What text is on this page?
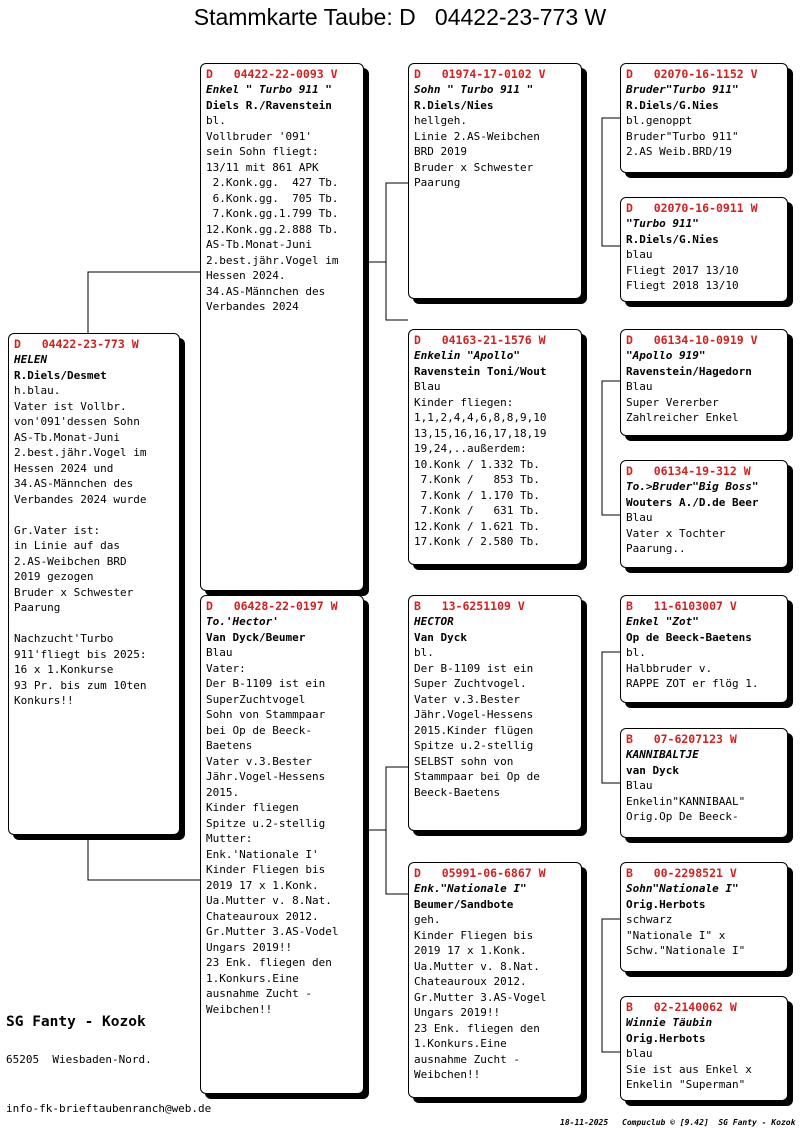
Stammkarte Taube: D   04422-23-773 W
D   04422-23-773 W
HELEN
R.Diels/Desmet
h.blau.
Vater ist Vollbr.
von'091'dessen Sohn
AS-Tb.Monat-Juni
2.best.jähr.Vogel im
Hessen 2024 und
34.AS-Männchen des
Verbandes 2024 wurde
Gr.Vater ist:
in Linie auf das
2.AS-Weibchen BRD
2019 gezogen
Bruder x Schwester
Paarung
Nachzucht'Turbo
911'fliegt bis 2025:
16 x 1.Konkurse
93 Pr. bis zum 10ten
Konkurs!!
D   04422-22-0093 V
Enkel " Turbo 911 "
Diels R./Ravenstein
bl.
Vollbruder '091'
sein Sohn fliegt:
13/11 mit 861 APK
2.Konk.gg.  427 Tb.
6.Konk.gg.  705 Tb.
7.Konk.gg.1.799 Tb.
12.Konk.gg.2.888 Tb.
AS-Tb.Monat-Juni
2.best.jähr.Vogel im
Hessen 2024.
34.AS-Männchen des
Verbandes 2024
D   06428-22-0197 W
To.'Hector'
Van Dyck/Beumer
Blau
Vater:
Der B-1109 ist ein
SuperZuchtvogel
Sohn von Stammpaar
bei Op de Beeck-
Baetens
Vater v.3.Bester
Jähr.Vogel-Hessens
2015.
Kinder fliegen
Spitze u.2-stellig
Mutter:
Enk.'Nationale I'
Kinder Fliegen bis
2019 17 x 1.Konk.
Ua.Mutter v. 8.Nat.
Chateauroux 2012.
Gr.Mutter 3.AS-Vodel
Ungars 2019!!
23 Enk. fliegen den
1.Konkurs.Eine
ausnahme Zucht -
Weibchen!!
D   01974-17-0102 V
Sohn " Turbo 911 "
R.Diels/Nies
hellgeh.
Linie 2.AS-Weibchen
BRD 2019
Bruder x Schwester
Paarung
D   04163-21-1576 W
Enkelin "Apollo"
Ravenstein Toni/Wout
Blau
Kinder fliegen:
1,1,2,4,4,6,8,8,9,10
13,15,16,16,17,18,19
19,24,..außerdem:
10.Konk / 1.332 Tb.
7.Konk /   853 Tb.
7.Konk / 1.170 Tb.
7.Konk /   631 Tb.
12.Konk / 1.621 Tb.
17.Konk / 2.580 Tb.
B   13-6251109 V
HECTOR
Van Dyck
bl.
Der B-1109 ist ein
Super Zuchtvogel.
Vater v.3.Bester
Jähr.Vogel-Hessens
2015.Kinder flügen
Spitze u.2-stellig
SELBST sohn von
Stammpaar bei Op de
Beeck-Baetens
D   05991-06-6867 W
Enk."Nationale I"
Beumer/Sandbote
geh.
Kinder Fliegen bis
2019 17 x 1.Konk.
Ua.Mutter v. 8.Nat.
Chateauroux 2012.
Gr.Mutter 3.AS-Vogel
Ungars 2019!!
23 Enk. fliegen den
1.Konkurs.Eine
ausnahme Zucht -
Weibchen!!
D   02070-16-1152 V
Bruder"Turbo 911"
R.Diels/G.Nies
bl.genoppt
Bruder"Turbo 911"
2.AS Weib.BRD/19
D   02070-16-0911 W
"Turbo 911"
R.Diels/G.Nies
blau
Fliegt 2017 13/10
Fliegt 2018 13/10
D   06134-10-0919 V
"Apollo 919"
Ravenstein/Hagedorn
Blau
Super Vererber
Zahlreicher Enkel
D   06134-19-312 W
To.>Bruder"Big Boss"
Wouters A./D.de Beer
Blau
Vater x Tochter
Paarung..
B   11-6103007 V
Enkel "Zot"
Op de Beeck-Baetens
bl.
Halbbruder v.
RAPPE ZOT er flög 1.
B   07-6207123 W
KANNIBALTJE
van Dyck
Blau
Enkelin"KANNIBAAL"
Orig.Op De Beeck-
B   00-2298521 V
Sohn"Nationale I"
Orig.Herbots
schwarz
"Nationale I" x
Schw."Nationale I"
B   02-2140062 W
Winnie Täubin
Orig.Herbots
blau
Sie ist aus Enkel x
Enkelin "Superman"
SG Fanty - Kozok
65205  Wiesbaden-Nord.
info-fk-brieftaubenranch@web.de
18-11-2025 Compuclub © [9.42]  SG Fanty - Kozok
